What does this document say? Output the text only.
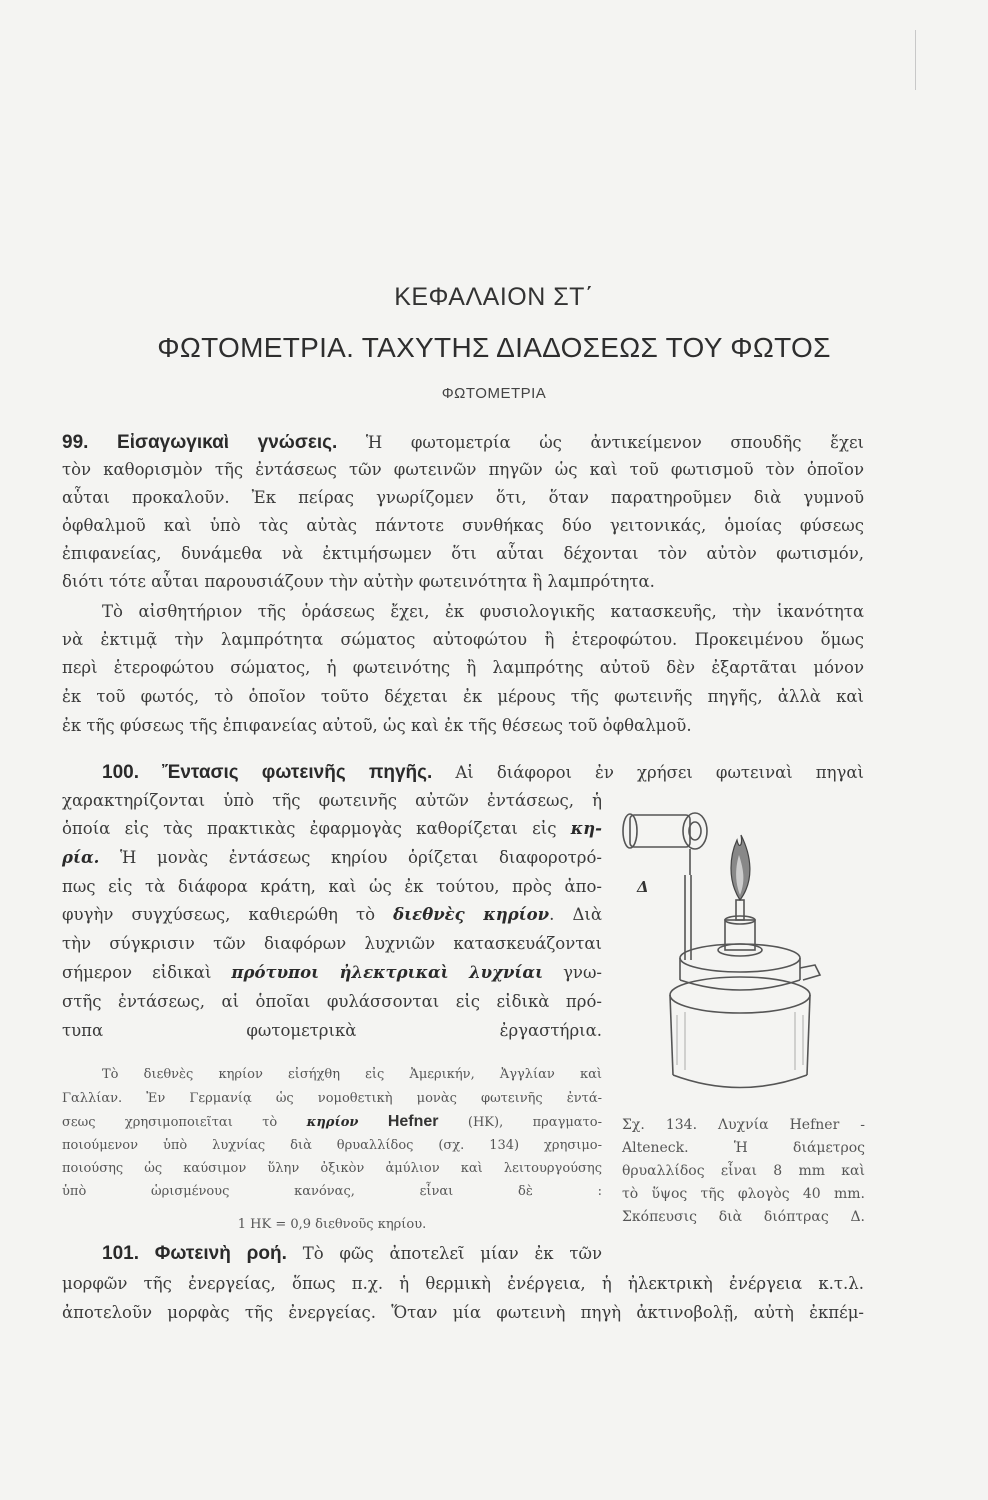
ΚΕΦΑΛΑΙΟΝ ΣΤ΄
ΦΩΤΟΜΕΤΡΙΑ. ΤΑΧΥΤΗΣ ΔΙΑΔΟΣΕΩΣ ΤΟΥ ΦΩΤΟΣ
ΦΩΤΟΜΕΤΡΙΑ
99. Εἰσαγωγικαὶ γνώσεις. Ἡ φωτομετρία ὡς ἀντικείμενον σπουδῆς ἔχει
τὸν καθορισμὸν τῆς ἐντάσεως τῶν φωτεινῶν πηγῶν ὡς καὶ τοῦ φωτισμοῦ τὸν ὁποῖον
αὗται προκαλοῦν. Ἐκ πείρας γνωρίζομεν ὅτι, ὅταν παρατηροῦμεν διὰ γυμνοῦ
ὀφθαλμοῦ καὶ ὑπὸ τὰς αὐτὰς πάντοτε συνθήκας δύο γειτονικάς, ὁμοίας φύσεως
ἐπιφανείας, δυνάμεθα νὰ ἐκτιμήσωμεν ὅτι αὗται δέχονται τὸν αὐτὸν φωτισμόν,
διότι τότε αὗται παρουσιάζουν τὴν αὐτὴν φωτεινότητα ἢ λαμπρότητα.
Τὸ αἰσθητήριον τῆς ὁράσεως ἔχει, ἐκ φυσιολογικῆς κατασκευῆς, τὴν ἱκανότητα
νὰ ἐκτιμᾷ τὴν λαμπρότητα σώματος αὐτοφώτου ἢ ἑτεροφώτου. Προκειμένου ὅμως
περὶ ἑτεροφώτου σώματος, ἡ φωτεινότης ἢ λαμπρότης αὐτοῦ δὲν ἐξαρτᾶται μόνον
ἐκ τοῦ φωτός, τὸ ὁποῖον τοῦτο δέχεται ἐκ μέρους τῆς φωτεινῆς πηγῆς, ἀλλὰ καὶ
ἐκ τῆς φύσεως τῆς ἐπιφανείας αὐτοῦ, ὡς καὶ ἐκ τῆς θέσεως τοῦ ὀφθαλμοῦ.
100. Ἔντασις φωτεινῆς πηγῆς. Αἱ διάφοροι ἐν χρήσει φωτειναὶ πηγαὶ
χαρακτηρίζονται ὑπὸ τῆς φωτεινῆς αὐτῶν ἐντάσεως, ἡ
ὁποία εἰς τὰς πρακτικὰς ἐφαρμογὰς καθορίζεται εἰς κη-
ρία. Ἡ μονὰς ἐντάσεως κηρίου ὁρίζεται διαφοροτρό-
πως εἰς τὰ διάφορα κράτη, καὶ ὡς ἐκ τούτου, πρὸς ἀπο-
φυγὴν συγχύσεως, καθιερώθη τὸ διεθνὲς κηρίον. Διὰ
τὴν σύγκρισιν τῶν διαφόρων λυχνιῶν κατασκευάζονται
σήμερον εἰδικαὶ πρότυποι ἠλεκτρικαὶ λυχνίαι γνω-
στῆς ἐντάσεως, αἱ ὁποῖαι φυλάσσονται εἰς εἰδικὰ πρό-
τυπα φωτομετρικὰ ἐργαστήρια.
Τὸ διεθνὲς κηρίον εἰσήχθη εἰς Ἀμερικήν, Ἀγγλίαν καὶ
Γαλλίαν. Ἐν Γερμανίᾳ ὡς νομοθετικὴ μονὰς φωτεινῆς ἐντά-
σεως χρησιμοποιεῖται τὸ κηρίον Hefner (ΗΚ), πραγματο-
ποιούμενον ὑπὸ λυχνίας διὰ θρυαλλίδος (σχ. 134) χρησιμο-
ποιούσης ὡς καύσιμον ὕλην ὀξικὸν ἀμύλιον καὶ λειτουργούσης
ὑπὸ ὡρισμένους κανόνας, εἶναι δὲ :
1 ΗΚ = 0,9 διεθνοῦς κηρίου.
Δ
Σχ. 134. Λυχνία Hefner -
Alteneck. Ἡ διάμετρος
θρυαλλίδος εἶναι 8 mm καὶ
τὸ ὕψος τῆς φλογὸς 40 mm.
Σκόπευσις διὰ διόπτρας Δ.
101. Φωτεινὴ ροή. Τὸ φῶς ἀποτελεῖ μίαν ἐκ τῶν
μορφῶν τῆς ἐνεργείας, ὅπως π.χ. ἡ θερμικὴ ἐνέργεια, ἡ ἠλεκτρικὴ ἐνέργεια κ.τ.λ.
ἀποτελοῦν μορφὰς τῆς ἐνεργείας. Ὅταν μία φωτεινὴ πηγὴ ἀκτινοβολῇ, αὐτὴ ἐκπέμ-
